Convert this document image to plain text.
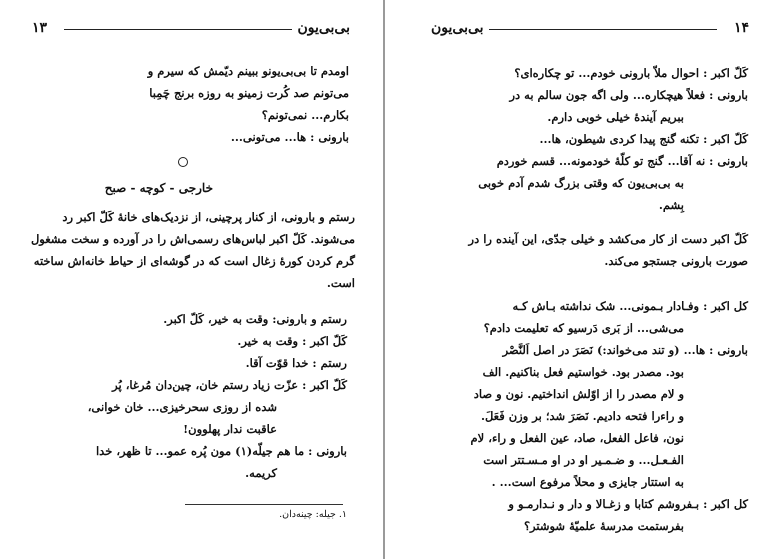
۱۳	بی‌بی‌یون
اومدم تا بی‌بی‌یونو ببینم دیّمش که سیرم و
می‌تونم صد کُرت زمینو به روزه برنج چَمِبا
بکارم... نمی‌تونم؟
بارونی : ها... می‌تونی...
خارجی - کوچه - صبح
رستم و بارونی، از کنار پرچینی، از نزدیک‌های خانهٔ کَلّ اکبر رد
می‌شوند. کَلّ اکبر لباس‌های رسمی‌اش را در آورده و سخت مشغول
گرم کردن کورهٔ زغال است که در گوشه‌ای از حیاط خانه‌اش ساخته
است.
رستم و بارونی: وقت به خیر، کَلّ اکبر.
کَلّ اکبر : وقت به خیر.
رستم : خدا قوّت آقا.
کَلّ اکبر : عزّت زیاد رستم خان، چین‌دان مُرغا، پُر
شده از روزی سحرخیزی... خان خوانی،
عاقبت ندار پهلوون!
بارونی : ما هم جیلّه(۱) مون پُره عمو... تا ظهر، خدا
کریمه.
۱. جیله: چینه‌دان.
بی‌بی‌یون	۱۴
کَلّ اکبر : احوال ملاّ بارونی خودم... تو چکاره‌ای؟
بارونی : فعلاً هیچکاره... ولی اگه جون سالم به در
ببریم آیندهٔ خیلی خوبی دارم.
کَلّ اکبر : تکنه گنج پیدا کردی شیطون، ها...
بارونی : نه آقا... گنج تو کلّهٔ خودمونه... قسم خوردم
به بی‌بی‌یون که وقتی بزرگ شدم آدم خوبی
بِشم.
کَلّ اکبر دست از کار می‌کشد و خیلی جدّی، این آینده را در
صورت بارونی جستجو می‌کند.
کل اکبر : وفـادار بـمونی... شک نداشته بـاش کـه
می‌شی... از بَری دَرسیو که تعلیمت دادم؟
بارونی : ها... (و تند می‌خواند:) نَصَرَ در اصل اَلنَّصْر
بود. مصدر بود. خواستیم فعل بناکنیم. الف
و لام مصدر را از اوّلش انداختیم. نون و صاد
و راءرا فتحه دادیم. نَصَرَ شد؛ بر وزن فَعَلَ.
نون، فاعل الفعل، صاد، عین الفعل و راء، لام
الفـعـل... و ضـمـیر او در او مـسـتتر است
به استتار جایزی و محلاً مرفوع است... .
کل اکبر : بـفروشم کتابا و زغـالا و دار و نـدارمـو و
بفرستمت مدرسهٔ علمیّهٔ شوشتر؟
